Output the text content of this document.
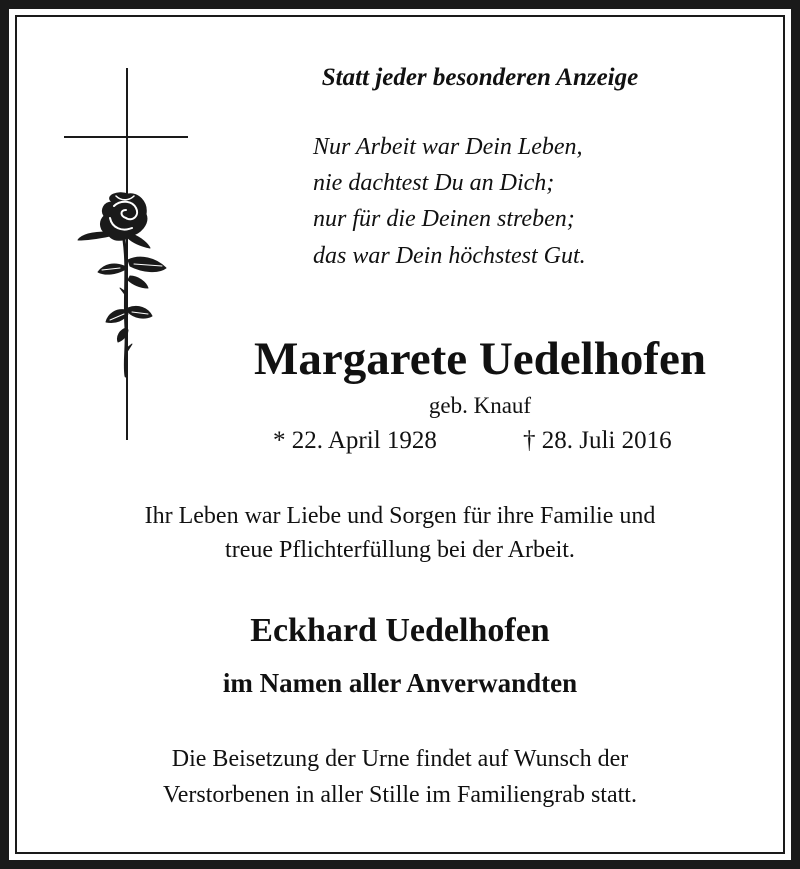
Statt jeder besonderen Anzeige
Nur Arbeit war Dein Leben,
nie dachtest Du an Dich;
nur für die Deinen streben;
das war Dein höchstest Gut.
Margarete Uedelhofen
geb. Knauf
* 22. April 1928	† 28. Juli 2016
Ihr Leben war Liebe und Sorgen für ihre Familie und
treue Pflichterfüllung bei der Arbeit.
Eckhard Uedelhofen
im Namen aller Anverwandten
Die Beisetzung der Urne findet auf Wunsch der
Verstorbenen in aller Stille im Familiengrab statt.
